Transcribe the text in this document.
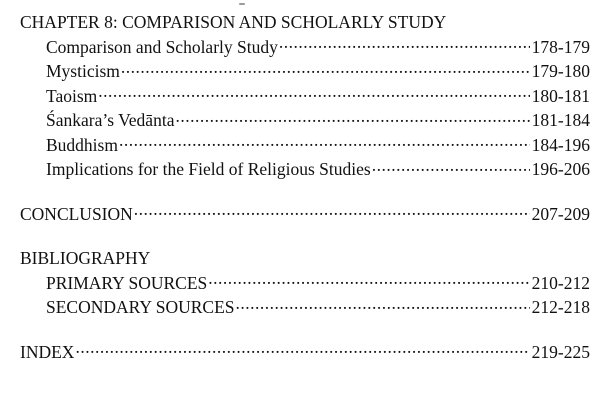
CHAPTER 8: COMPARISON AND SCHOLARLY STUDY
Comparison and Scholarly Study .....	178-179
Mysticism .....	179-180
Taoism .....	180-181
Śankara’s Vedānta .....	181-184
Buddhism .....	184-196
Implications for the Field of Religious Studies .....	196-206
CONCLUSION .....	207-209
BIBLIOGRAPHY
PRIMARY SOURCES .....	210-212
SECONDARY SOURCES .....	212-218
INDEX .....	219-225
